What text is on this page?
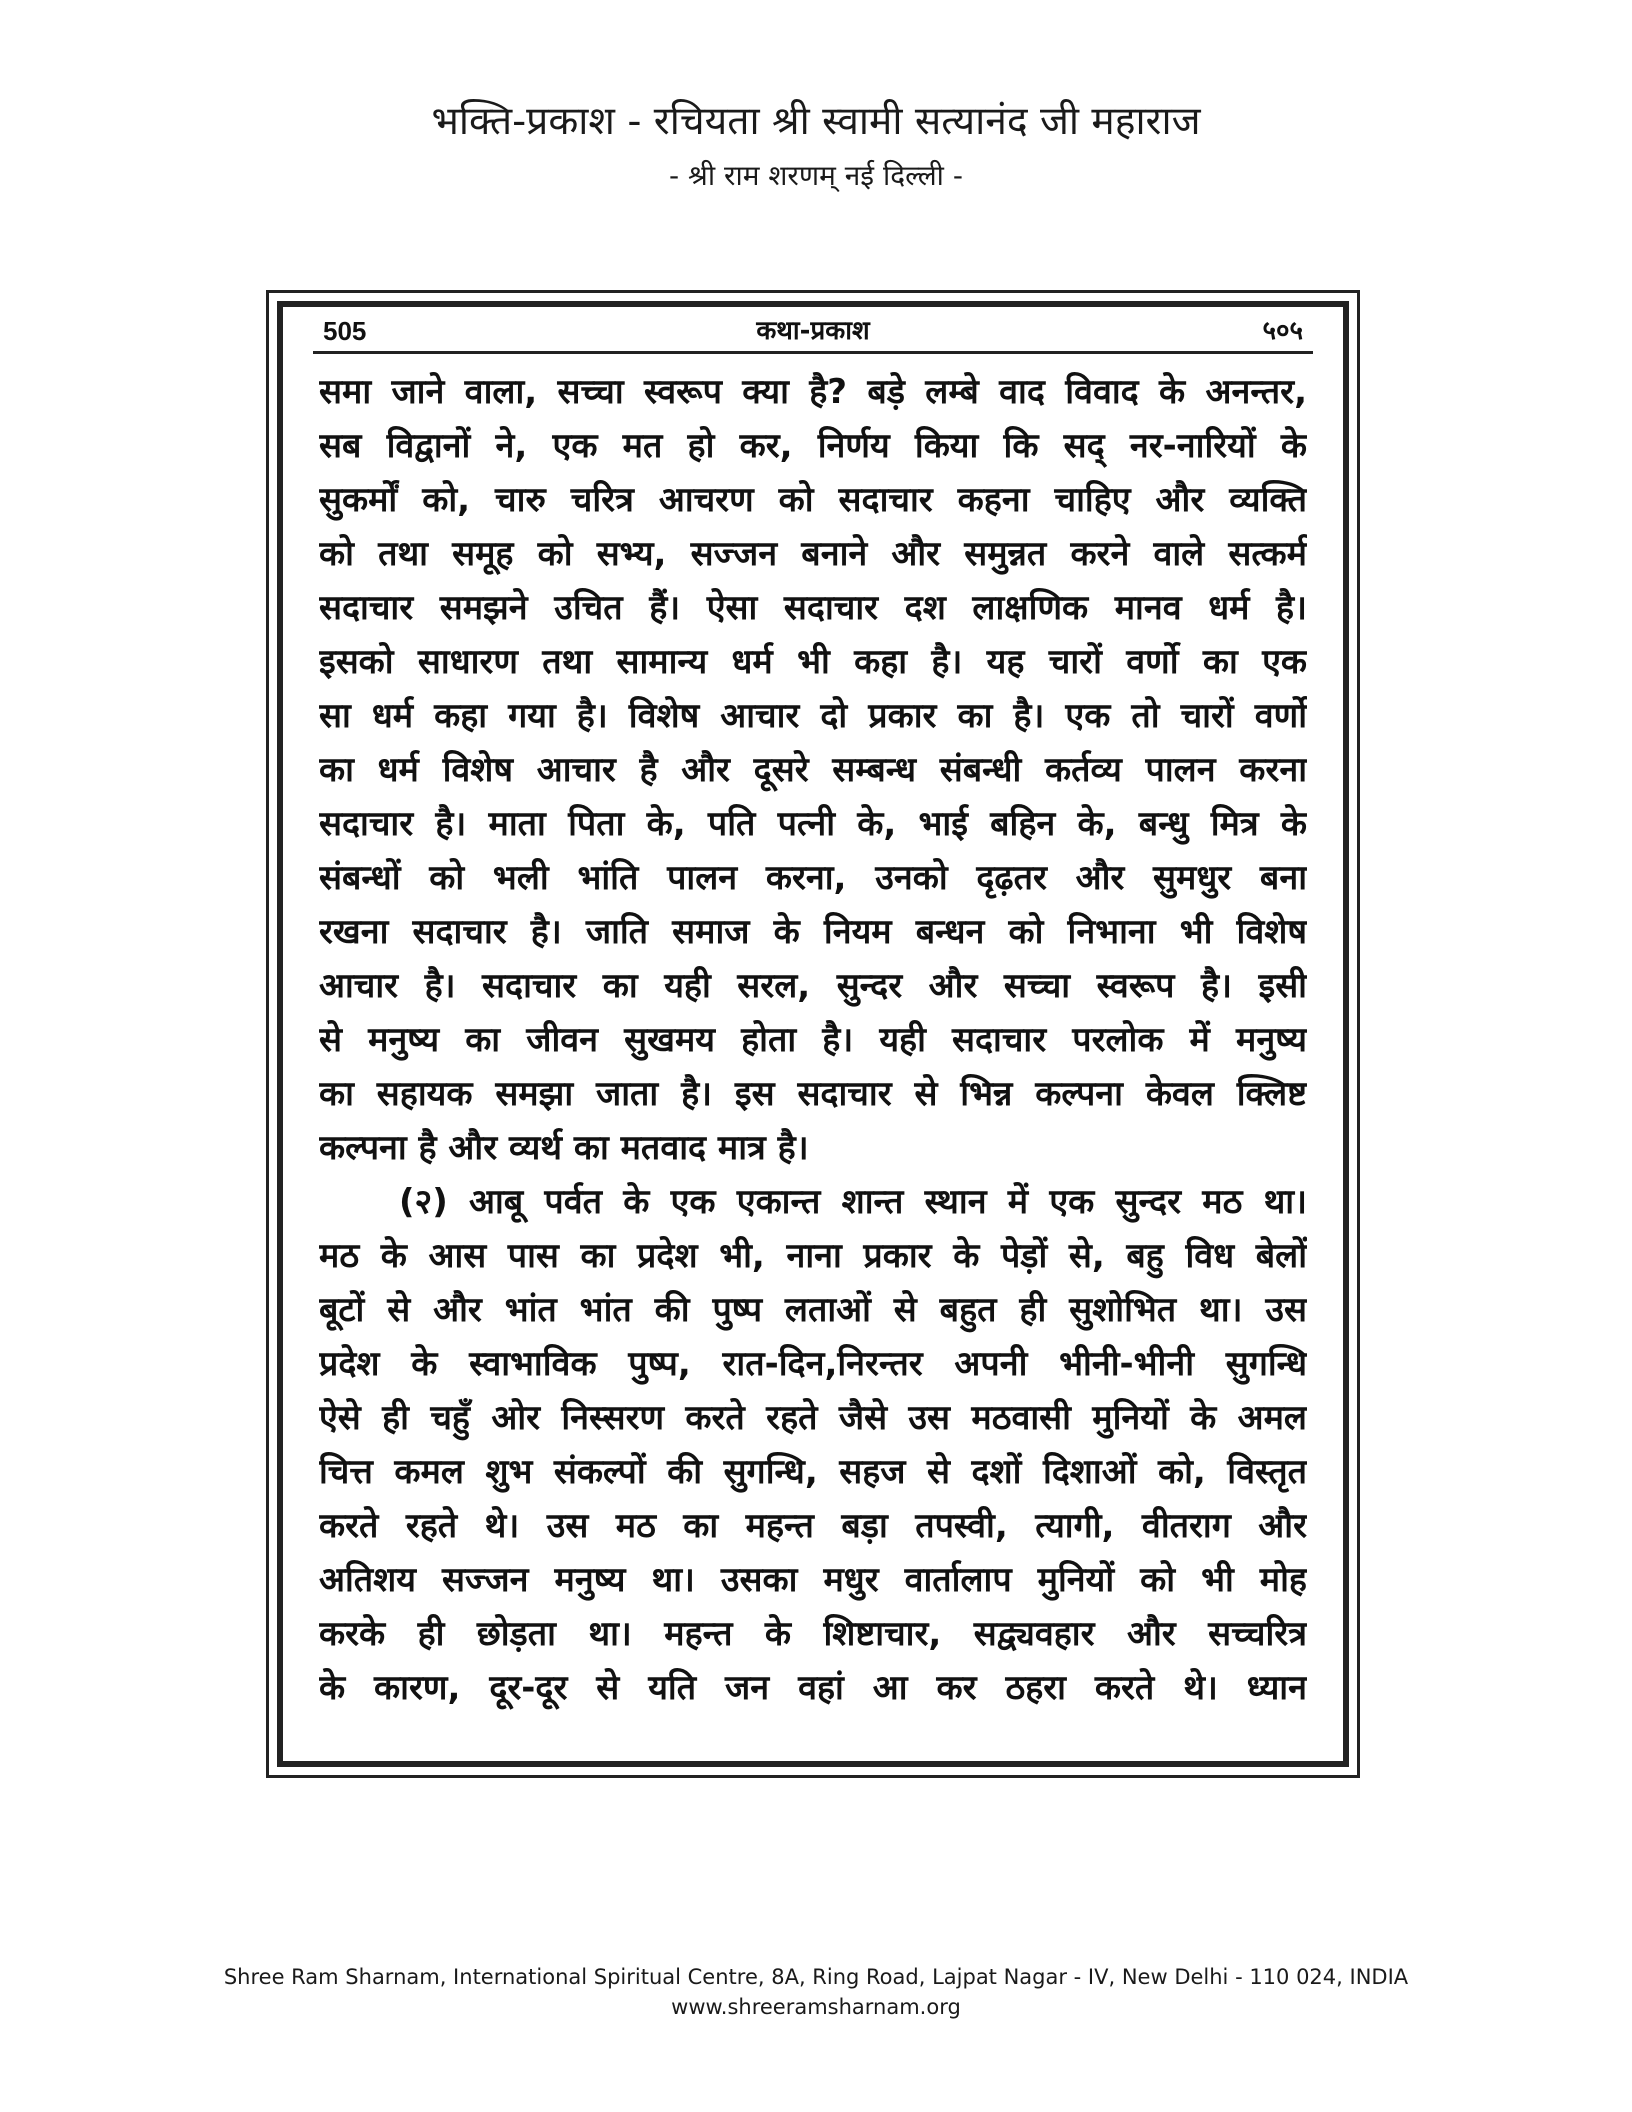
भक्ति-प्रकाश - रचियता श्री स्वामी सत्यानंद जी महाराज
- श्री राम शरणम् नई दिल्ली -
505	कथा-प्रकाश	५०५
समा जाने वाला, सच्चा स्वरूप क्या है? बड़े लम्बे वाद विवाद के अनन्तर,
सब विद्वानों ने, एक मत हो कर, निर्णय किया कि सद् नर-नारियों के
सुकर्मों को, चारु चरित्र आचरण को सदाचार कहना चाहिए और व्यक्ति
को तथा समूह को सभ्य, सज्जन बनाने और समुन्नत करने वाले सत्कर्म
सदाचार समझने उचित हैं। ऐसा सदाचार दश लाक्षणिक मानव धर्म है।
इसको साधारण तथा सामान्य धर्म भी कहा है। यह चारों वर्णो का एक
सा धर्म कहा गया है। विशेष आचार दो प्रकार का है। एक तो चारों वर्णो
का धर्म विशेष आचार है और दूसरे सम्बन्ध संबन्धी कर्तव्य पालन करना
सदाचार है। माता पिता के, पति पत्नी के, भाई बहिन के, बन्धु मित्र के
संबन्धों को भली भांति पालन करना, उनको दृढ़तर और सुमधुर बना
रखना सदाचार है। जाति समाज के नियम बन्धन को निभाना भी विशेष
आचार है। सदाचार का यही सरल, सुन्दर और सच्चा स्वरूप है। इसी
से मनुष्य का जीवन सुखमय होता है। यही सदाचार परलोक में मनुष्य
का सहायक समझा जाता है। इस सदाचार से भिन्न कल्पना केवल क्लिष्ट
कल्पना है और व्यर्थ का मतवाद मात्र है।
(२) आबू पर्वत के एक एकान्त शान्त स्थान में एक सुन्दर मठ था।
मठ के आस पास का प्रदेश भी, नाना प्रकार के पेड़ों से, बहु विध बेलों
बूटों से और भांत भांत की पुष्प लताओं से बहुत ही सुशोभित था। उस
प्रदेश के स्वाभाविक पुष्प, रात-दिन,निरन्तर अपनी भीनी-भीनी सुगन्धि
ऐसे ही चहुँ ओर निस्सरण करते रहते जैसे उस मठवासी मुनियों के अमल
चित्त कमल शुभ संकल्पों की सुगन्धि, सहज से दशों दिशाओं को, विस्तृत
करते रहते थे। उस मठ का महन्त बड़ा तपस्वी, त्यागी, वीतराग और
अतिशय सज्जन मनुष्य था। उसका मधुर वार्तालाप मुनियों को भी मोह
करके ही छोड़ता था। महन्त के शिष्टाचार, सद्व्यवहार और सच्चरित्र
के कारण, दूर-दूर से यति जन वहां आ कर ठहरा करते थे। ध्यान
Shree Ram Sharnam, International Spiritual Centre, 8A, Ring Road, Lajpat Nagar - IV, New Delhi - 110 024, INDIA
www.shreeramsharnam.org
